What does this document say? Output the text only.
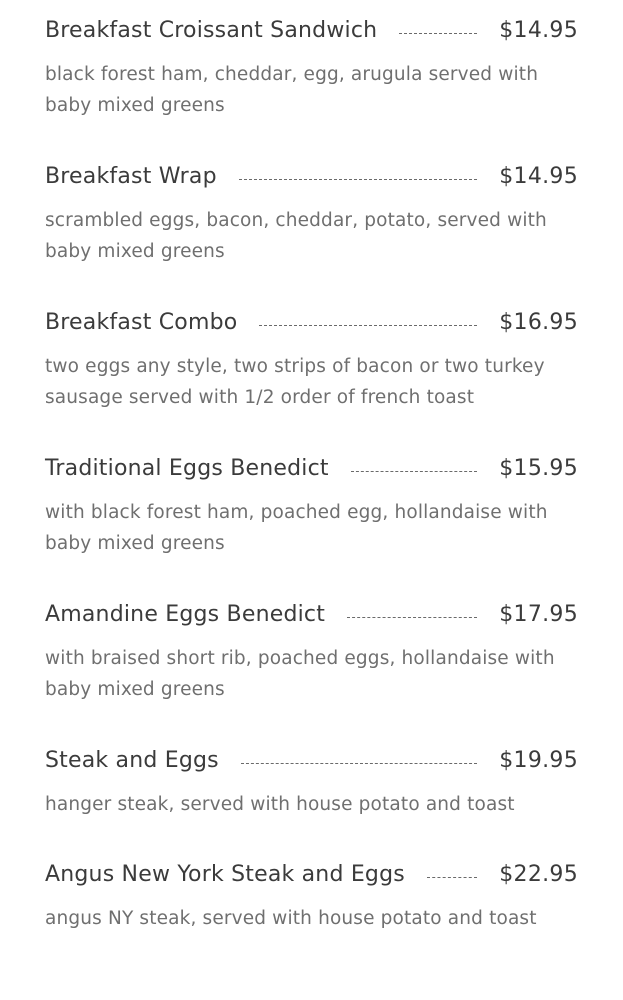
Breakfast Croissant Sandwich	$14.95
black forest ham, cheddar, egg, arugula served with baby mixed greens
Breakfast Wrap	$14.95
scrambled eggs, bacon, cheddar, potato, served with baby mixed greens
Breakfast Combo	$16.95
two eggs any style, two strips of bacon or two turkey sausage served with 1/2 order of french toast
Traditional Eggs Benedict	$15.95
with black forest ham, poached egg, hollandaise with baby mixed greens
Amandine Eggs Benedict	$17.95
with braised short rib, poached eggs, hollandaise with baby mixed greens
Steak and Eggs	$19.95
hanger steak, served with house potato and toast
Angus New York Steak and Eggs	$22.95
angus NY steak, served with house potato and toast
